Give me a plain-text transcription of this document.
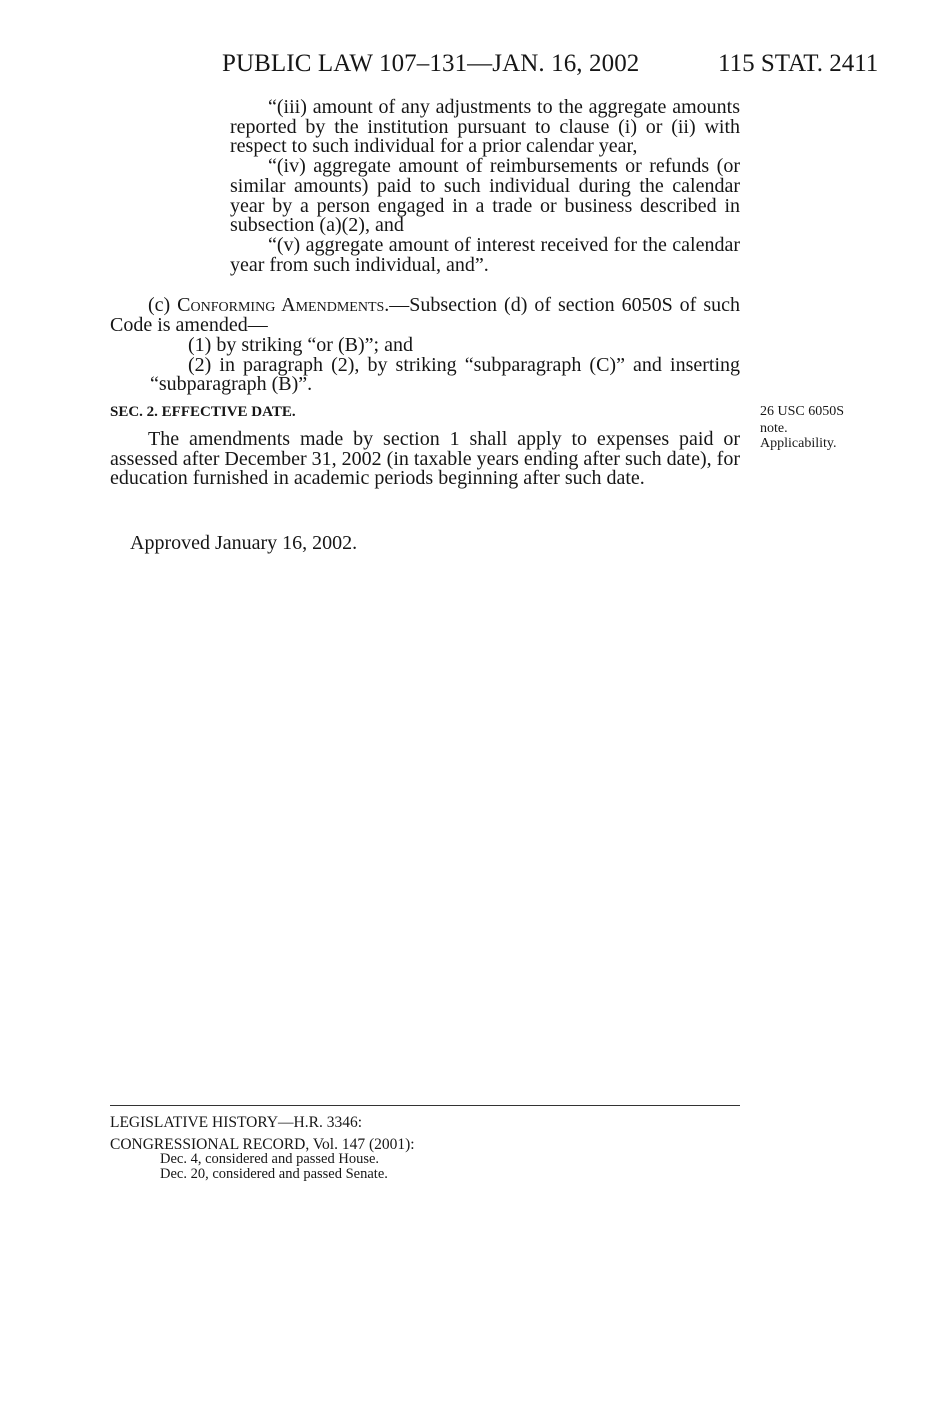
PUBLIC LAW 107–131—JAN. 16, 2002	115 STAT. 2411

“(iii) amount of any adjustments to the aggregate amounts reported by the institution pursuant to clause (i) or (ii) with respect to such individual for a prior calendar year,

“(iv) aggregate amount of reimbursements or refunds (or similar amounts) paid to such individual during the calendar year by a person engaged in a trade or business described in subsection (a)(2), and

“(v) aggregate amount of interest received for the calendar year from such individual, and”.

(c) Conforming Amendments.—Subsection (d) of section 6050S of such Code is amended—

(1) by striking “or (B)”; and

(2) in paragraph (2), by striking “subparagraph (C)” and inserting “subparagraph (B)”.

SEC. 2. EFFECTIVE DATE.	26 USC 6050S
note.
Applicability.

The amendments made by section 1 shall apply to expenses paid or assessed after December 31, 2002 (in taxable years ending after such date), for education furnished in academic periods beginning after such date.

Approved January 16, 2002.
LEGISLATIVE HISTORY—H.R. 3346:
CONGRESSIONAL RECORD, Vol. 147 (2001):
Dec. 4, considered and passed House.
Dec. 20, considered and passed Senate.
